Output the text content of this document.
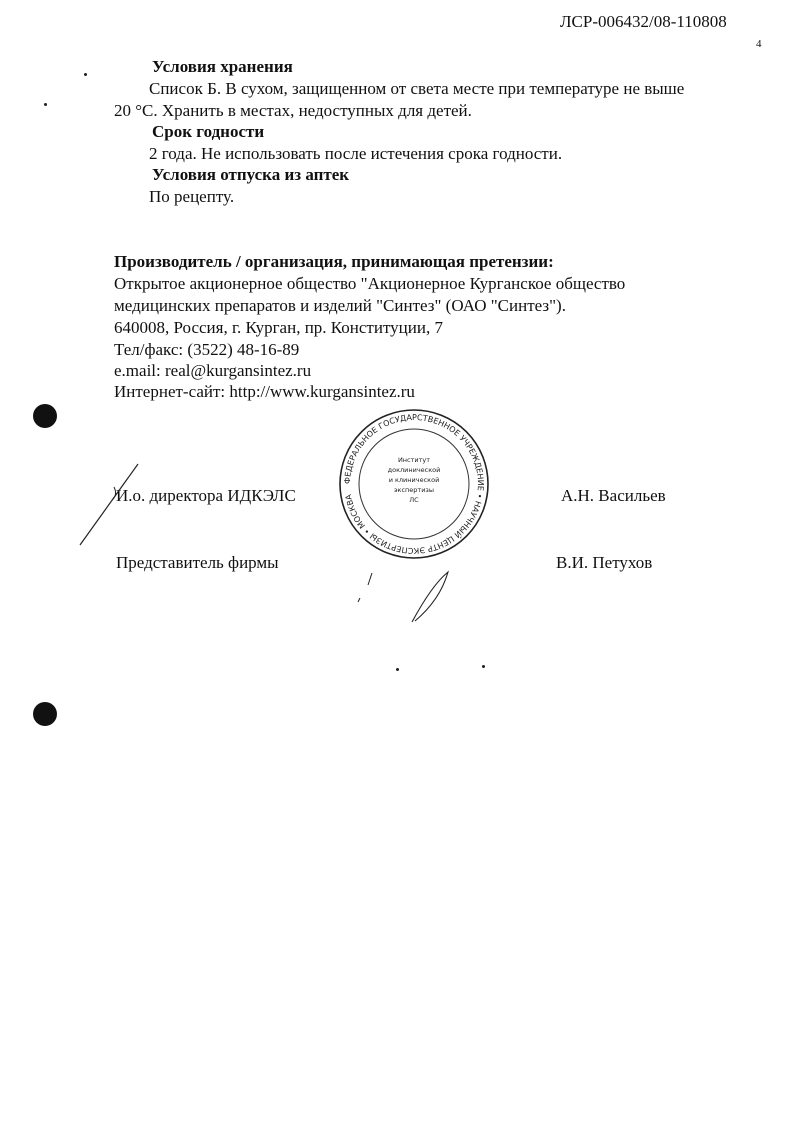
ЛСР-006432/08-110808
4
Условия хранения
Список Б. В сухом, защищенном от света месте при температуре не выше
20 °С. Хранить в местах, недоступных для детей.
Срок годности
2 года. Не использовать после истечения срока годности.
Условия отпуска из аптек
По рецепту.
Производитель / организация, принимающая претензии:
Открытое акционерное общество "Акционерное Курганское общество
медицинских препаратов и изделий "Синтез" (ОАО "Синтез").
640008, Россия, г. Курган, пр. Конституции, 7
Тел/факс: (3522) 48-16-89
e.mail: real@kurgansintez.ru
Интернет-сайт: http://www.kurgansintez.ru
И.о. директора ИДКЭЛС	А.Н. Васильев
Представитель фирмы	В.И. Петухов
ФЕДЕРАЛЬНОЕ ГОСУДАРСТВЕННОЕ УЧРЕЖДЕНИЕ • НАУЧНЫЙ ЦЕНТР ЭКСПЕРТИЗЫ • МОСКВА
Институт
доклинической
и клинической
экспертизы
ЛС
